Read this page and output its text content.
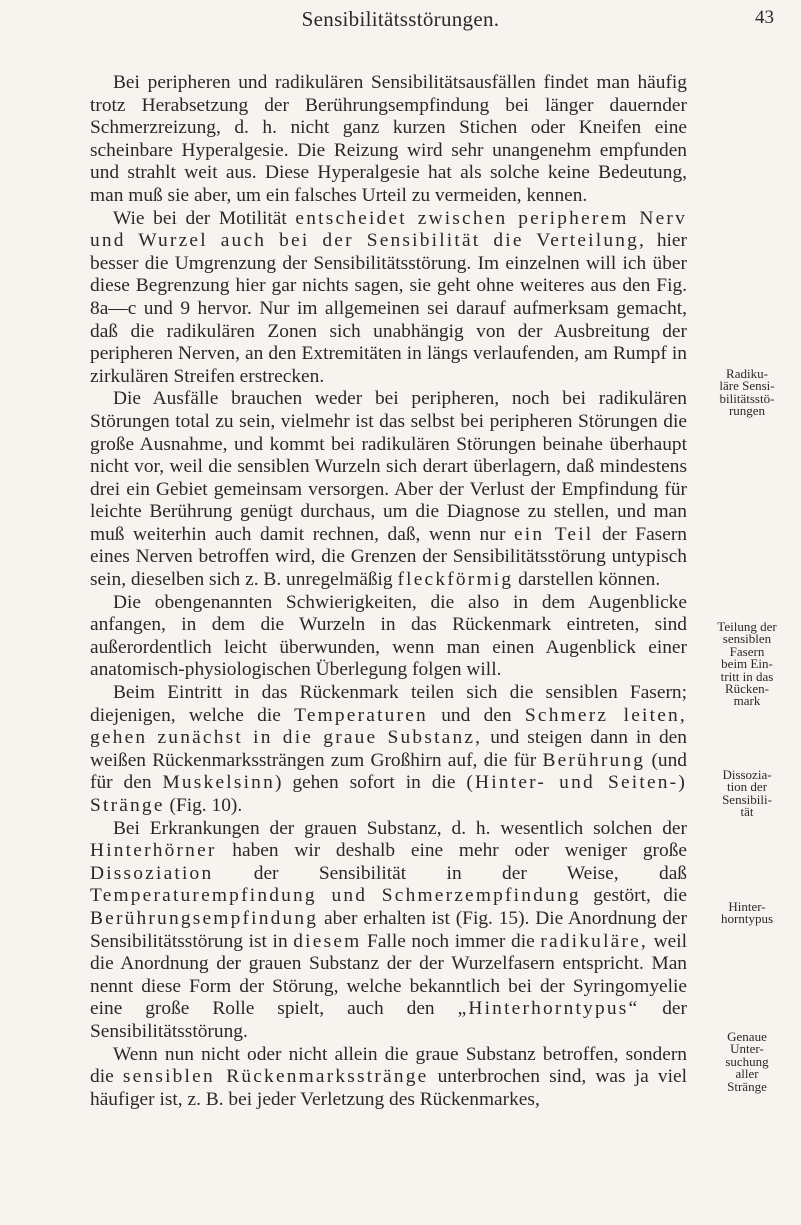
Sensibilitätsstörungen.	43

Bei peripheren und radikulären Sensibilitätsausfällen findet man häufig trotz Herabsetzung der Berührungsempfindung bei länger dauernder Schmerzreizung, d. h. nicht ganz kurzen Stichen oder Kneifen eine scheinbare Hyperalgesie. Die Reizung wird sehr unangenehm empfunden und strahlt weit aus. Diese Hyperalgesie hat als solche keine Bedeutung, man muß sie aber, um ein falsches Urteil zu vermeiden, kennen.

Wie bei der Motilität entscheidet zwischen peripherem Nerv und Wurzel auch bei der Sensibilität die Verteilung, hier besser die Umgrenzung der Sensibilitätsstörung. Im einzelnen will ich über diese Begrenzung hier gar nichts sagen, sie geht ohne weiteres aus den Fig. 8a—c und 9 hervor. Nur im allgemeinen sei darauf aufmerksam gemacht, daß die radikulären Zonen sich unabhängig von der Ausbreitung der peripheren Nerven, an den Extremitäten in längs verlaufenden, am Rumpf in zirkulären Streifen erstrecken.

Die Ausfälle brauchen weder bei peripheren, noch bei radikulären Störungen total zu sein, vielmehr ist das selbst bei peripheren Störungen die große Ausnahme, und kommt bei radikulären Störungen beinahe überhaupt nicht vor, weil die sensiblen Wurzeln sich derart überlagern, daß mindestens drei ein Gebiet gemeinsam versorgen. Aber der Verlust der Empfindung für leichte Berührung genügt durchaus, um die Diagnose zu stellen, und man muß weiterhin auch damit rechnen, daß, wenn nur ein Teil der Fasern eines Nerven betroffen wird, die Grenzen der Sensibilitätsstörung untypisch sein, dieselben sich z. B. unregelmäßig fleckförmig darstellen können.

Die obengenannten Schwierigkeiten, die also in dem Augenblicke anfangen, in dem die Wurzeln in das Rückenmark eintreten, sind außerordentlich leicht überwunden, wenn man einen Augenblick einer anatomisch-physiologischen Überlegung folgen will.

Beim Eintritt in das Rückenmark teilen sich die sensiblen Fasern; diejenigen, welche die Temperaturen und den Schmerz leiten, gehen zunächst in die graue Substanz, und steigen dann in den weißen Rückenmarkssträngen zum Großhirn auf, die für Berührung (und für den Muskelsinn) gehen sofort in die (Hinter- und Seiten-) Stränge (Fig. 10).

Bei Erkrankungen der grauen Substanz, d. h. wesentlich solchen der Hinterhörner haben wir deshalb eine mehr oder weniger große Dissoziation der Sensibilität in der Weise, daß Temperaturempfindung und Schmerzempfindung gestört, die Berührungsempfindung aber erhalten ist (Fig. 15). Die Anordnung der Sensibilitätsstörung ist in diesem Falle noch immer die radikuläre, weil die Anordnung der grauen Substanz der der Wurzelfasern entspricht. Man nennt diese Form der Störung, welche bekanntlich bei der Syringomyelie eine große Rolle spielt, auch den „Hinterhorntypus“ der Sensibilitätsstörung.

Wenn nun nicht oder nicht allein die graue Substanz betroffen, sondern die sensiblen Rückenmarksstränge unterbrochen sind, was ja viel häufiger ist, z. B. bei jeder Verletzung des Rückenmarkes,

Radiku-
läre Sensi-
bilitätsstö-
rungen
Teilung der
sensiblen
Fasern
beim Ein-
tritt in das
Rücken-
mark
Dissozia-
tion der
Sensibili-
tät
Hinter-
horntypus
Genaue
Unter-
suchung
aller
Stränge
